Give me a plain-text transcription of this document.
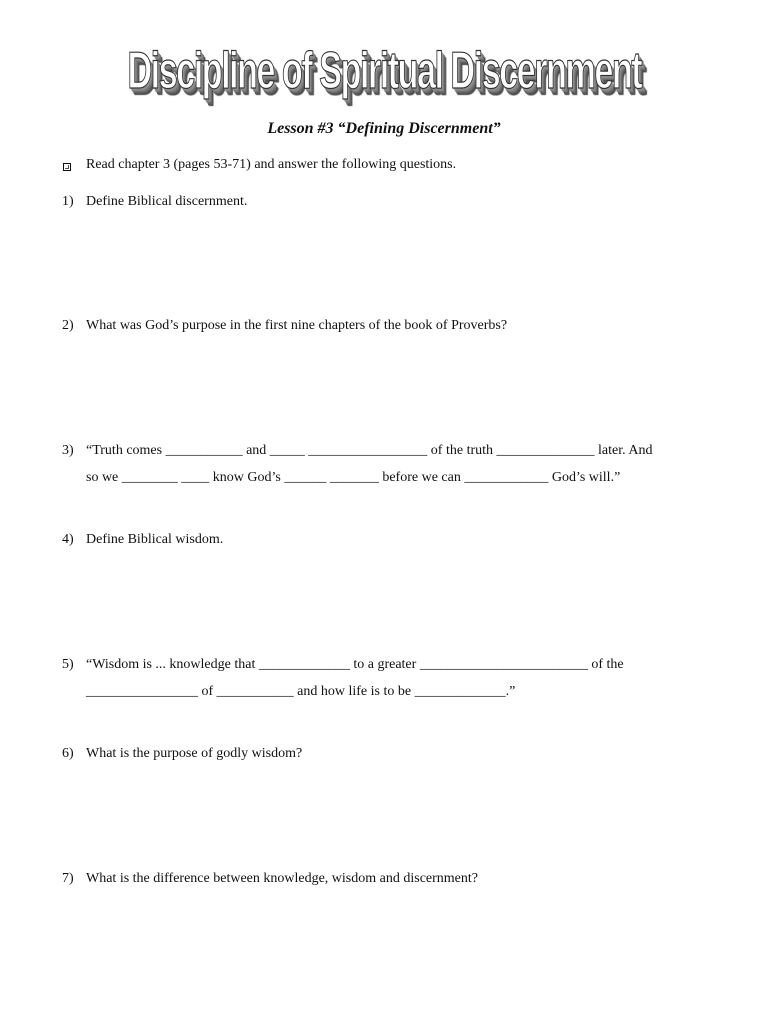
Discipline of Spiritual Discernment
Lesson #3 “Defining Discernment”
Read chapter 3 (pages 53-71) and answer the following questions.
1) Define Biblical discernment.
2) What was God’s purpose in the first nine chapters of the book of Proverbs?
3) “Truth comes ___________ and _____ _________________ of the truth ______________ later. And
so we ________ ____ know God’s ______ _______ before we can ____________ God’s will.”
4) Define Biblical wisdom.
5) “Wisdom is ... knowledge that _____________ to a greater ________________________ of the
________________ of ___________ and how life is to be _____________.”
6) What is the purpose of godly wisdom?
7) What is the difference between knowledge, wisdom and discernment?
